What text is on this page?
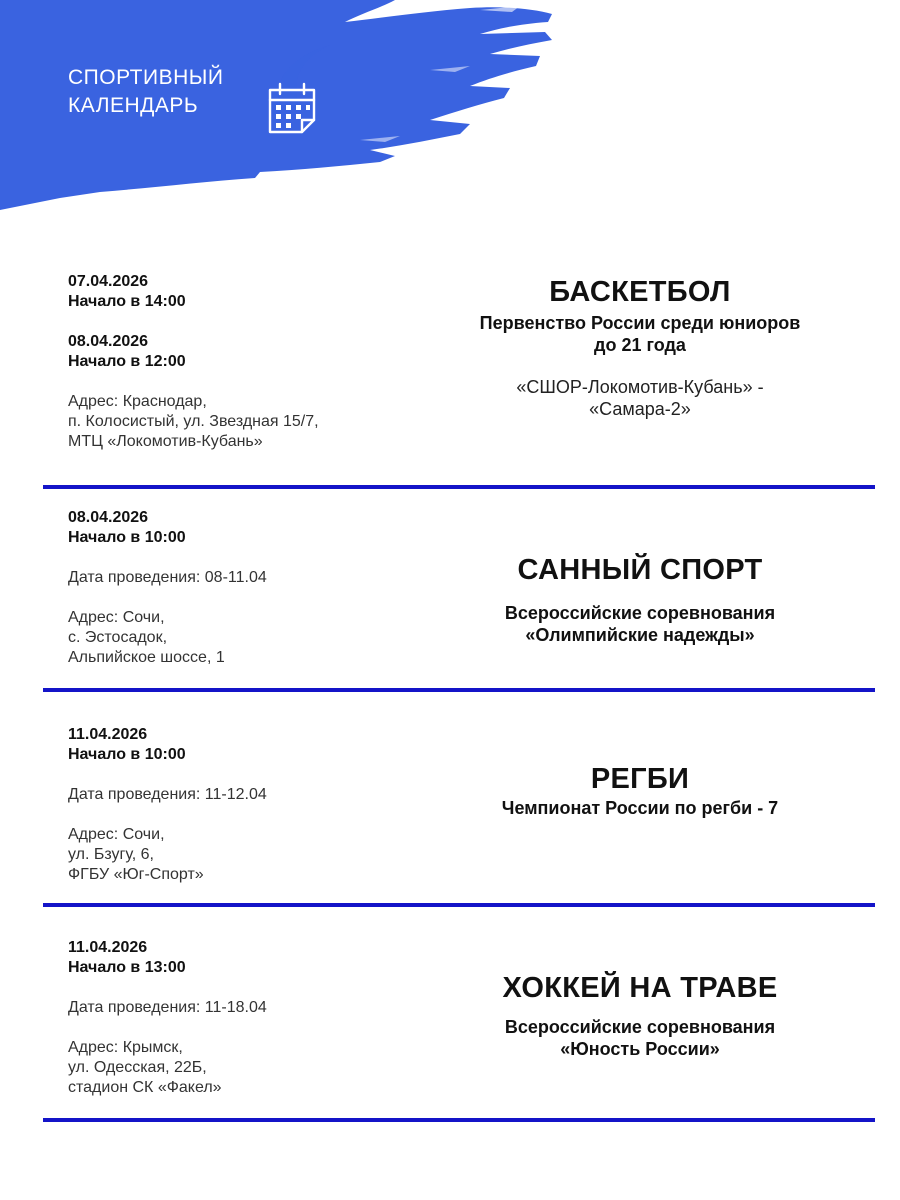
СПОРТИВНЫЙ
КАЛЕНДАРЬ
07.04.2026
Начало в 14:00
08.04.2026
Начало в 12:00
Адрес: Краснодар,
п. Колосистый, ул. Звездная 15/7,
МТЦ «Локомотив-Кубань»
БАСКЕТБОЛ
Первенство России среди юниоров
до 21 года
«СШОР-Локомотив-Кубань» -
«Самара-2»
08.04.2026
Начало в 10:00
Дата проведения: 08-11.04
Адрес: Сочи,
с. Эстосадок,
Альпийское шоссе, 1
САННЫЙ СПОРТ
Всероссийские соревнования
«Олимпийские надежды»
11.04.2026
Начало в 10:00
Дата проведения: 11-12.04
Адрес: Сочи,
ул. Бзугу, 6,
ФГБУ «Юг-Спорт»
РЕГБИ
Чемпионат России по регби - 7
11.04.2026
Начало в 13:00
Дата проведения: 11-18.04
Адрес: Крымск,
ул. Одесская, 22Б,
стадион СК «Факел»
ХОККЕЙ НА ТРАВЕ
Всероссийские соревнования
«Юность России»
